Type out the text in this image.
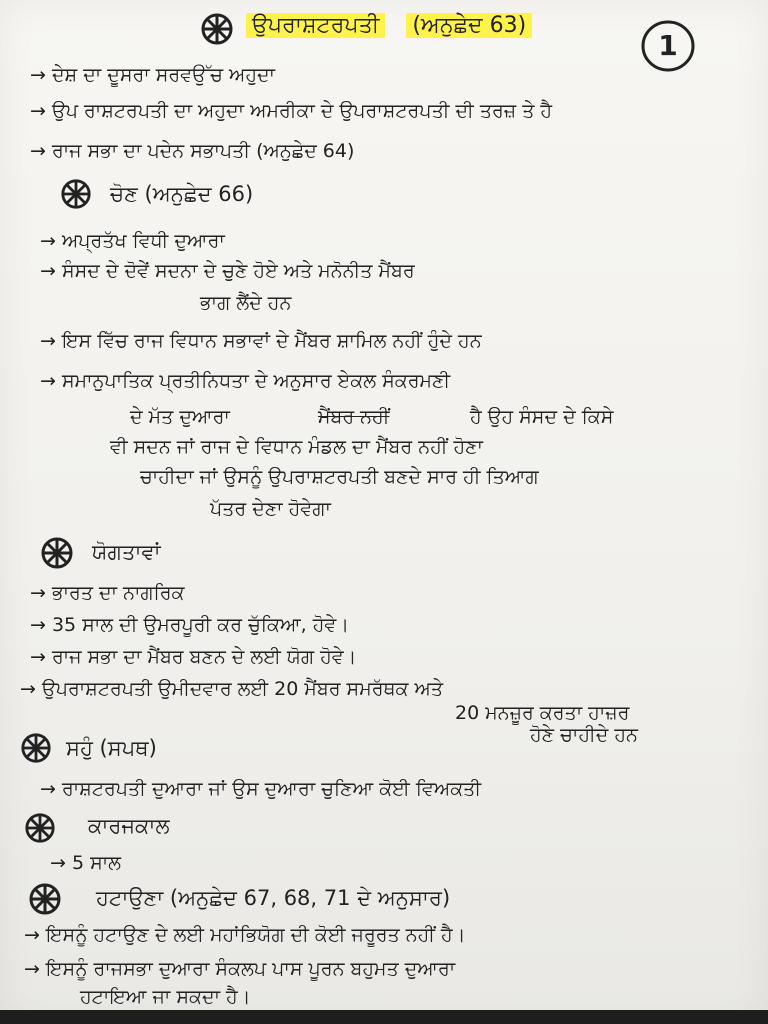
ਉਪਰਾਸ਼ਟਰਪਤੀ (ਅਨੁਛੇਦ 63)
1
→ ਦੇਸ਼ ਦਾ ਦੂਸਰਾ ਸਰਵਉੱਚ ਅਹੁਦਾ
→ ਉਪ ਰਾਸ਼ਟਰਪਤੀ ਦਾ ਅਹੁਦਾ ਅਮਰੀਕਾ ਦੇ ਉਪਰਾਸ਼ਟਰਪਤੀ ਦੀ ਤਰਜ਼ ਤੇ ਹੈ
→ ਰਾਜ ਸਭਾ ਦਾ ਪਦੇਨ ਸਭਾਪਤੀ (ਅਨੁਛੇਦ 64)
ਚੋਣ (ਅਨੁਛੇਦ 66)
→ ਅਪ੍ਰਤੱਖ ਵਿਧੀ ਦੁਆਰਾ
→ ਸੰਸਦ ਦੇ ਦੋਵੇਂ ਸਦਨਾ ਦੇ ਚੁਣੇ ਹੋਏ ਅਤੇ ਮਨੋਨੀਤ ਮੈਂਬਰ
ਭਾਗ ਲੈਂਦੇ ਹਨ
→ ਇਸ ਵਿੱਚ ਰਾਜ ਵਿਧਾਨ ਸਭਾਵਾਂ ਦੇ ਮੈਂਬਰ ਸ਼ਾਮਿਲ ਨਹੀਂ ਹੁੰਦੇ ਹਨ
→ ਸਮਾਨੁਪਾਤਿਕ ਪ੍ਰਤੀਨਿਧਤਾ ਦੇ ਅਨੁਸਾਰ ਏਕਲ ਸੰਕਰਮਣੀ
ਦੇ ਮੱਤ ਦੁਆਰਾ	ਮੈਂਬਰ ਨਹੀਂ	ਹੈ ਉਹ ਸੰਸਦ ਦੇ ਕਿਸੇ
ਵੀ ਸਦਨ ਜਾਂ ਰਾਜ ਦੇ ਵਿਧਾਨ ਮੰਡਲ ਦਾ ਮੈਂਬਰ ਨਹੀਂ ਹੋਣਾ
ਚਾਹੀਦਾ ਜਾਂ ਉਸਨੂੰ ਉਪਰਾਸ਼ਟਰਪਤੀ ਬਣਦੇ ਸਾਰ ਹੀ ਤਿਆਗ
ਪੱਤਰ ਦੇਣਾ ਹੋਵੇਗਾ
ਯੋਗਤਾਵਾਂ
→ ਭਾਰਤ ਦਾ ਨਾਗਰਿਕ
→ 35 ਸਾਲ ਦੀ ਉਮਰਪੂਰੀ ਕਰ ਚੁੱਕਿਆ, ਹੋਵੇ।
→ ਰਾਜ ਸਭਾ ਦਾ ਮੈਂਬਰ ਬਣਨ ਦੇ ਲਈ ਯੋਗ ਹੋਵੇ।
→ ਉਪਰਾਸ਼ਟਰਪਤੀ ਉਮੀਦਵਾਰ ਲਈ 20 ਮੈਂਬਰ ਸਮਰੱਥਕ ਅਤੇ
20 ਮਨਜ਼ੂਰ ਕਰਤਾ ਹਾਜ਼ਰ
ਹੋਣੇ ਚਾਹੀਦੇ ਹਨ
ਸਹੁੰ (ਸਪਥ)
→ ਰਾਸ਼ਟਰਪਤੀ ਦੁਆਰਾ ਜਾਂ ਉਸ ਦੁਆਰਾ ਚੁਣਿਆ ਕੋਈ ਵਿਅਕਤੀ
ਕਾਰਜਕਾਲ
→ 5 ਸਾਲ
ਹਟਾਉਣਾ (ਅਨੁਛੇਦ 67, 68, 71 ਦੇ ਅਨੁਸਾਰ)
→ ਇਸਨੂੰ ਹਟਾਉਣ ਦੇ ਲਈ ਮਹਾਂਭਿਯੋਗ ਦੀ ਕੋਈ ਜਰੂਰਤ ਨਹੀਂ ਹੈ।
→ ਇਸਨੂੰ ਰਾਜਸਭਾ ਦੁਆਰਾ ਸੰਕਲਪ ਪਾਸ ਪੂਰਨ ਬਹੁਮਤ ਦੁਆਰਾ
ਹਟਾਇਆ ਜਾ ਸਕਦਾ ਹੈ।
